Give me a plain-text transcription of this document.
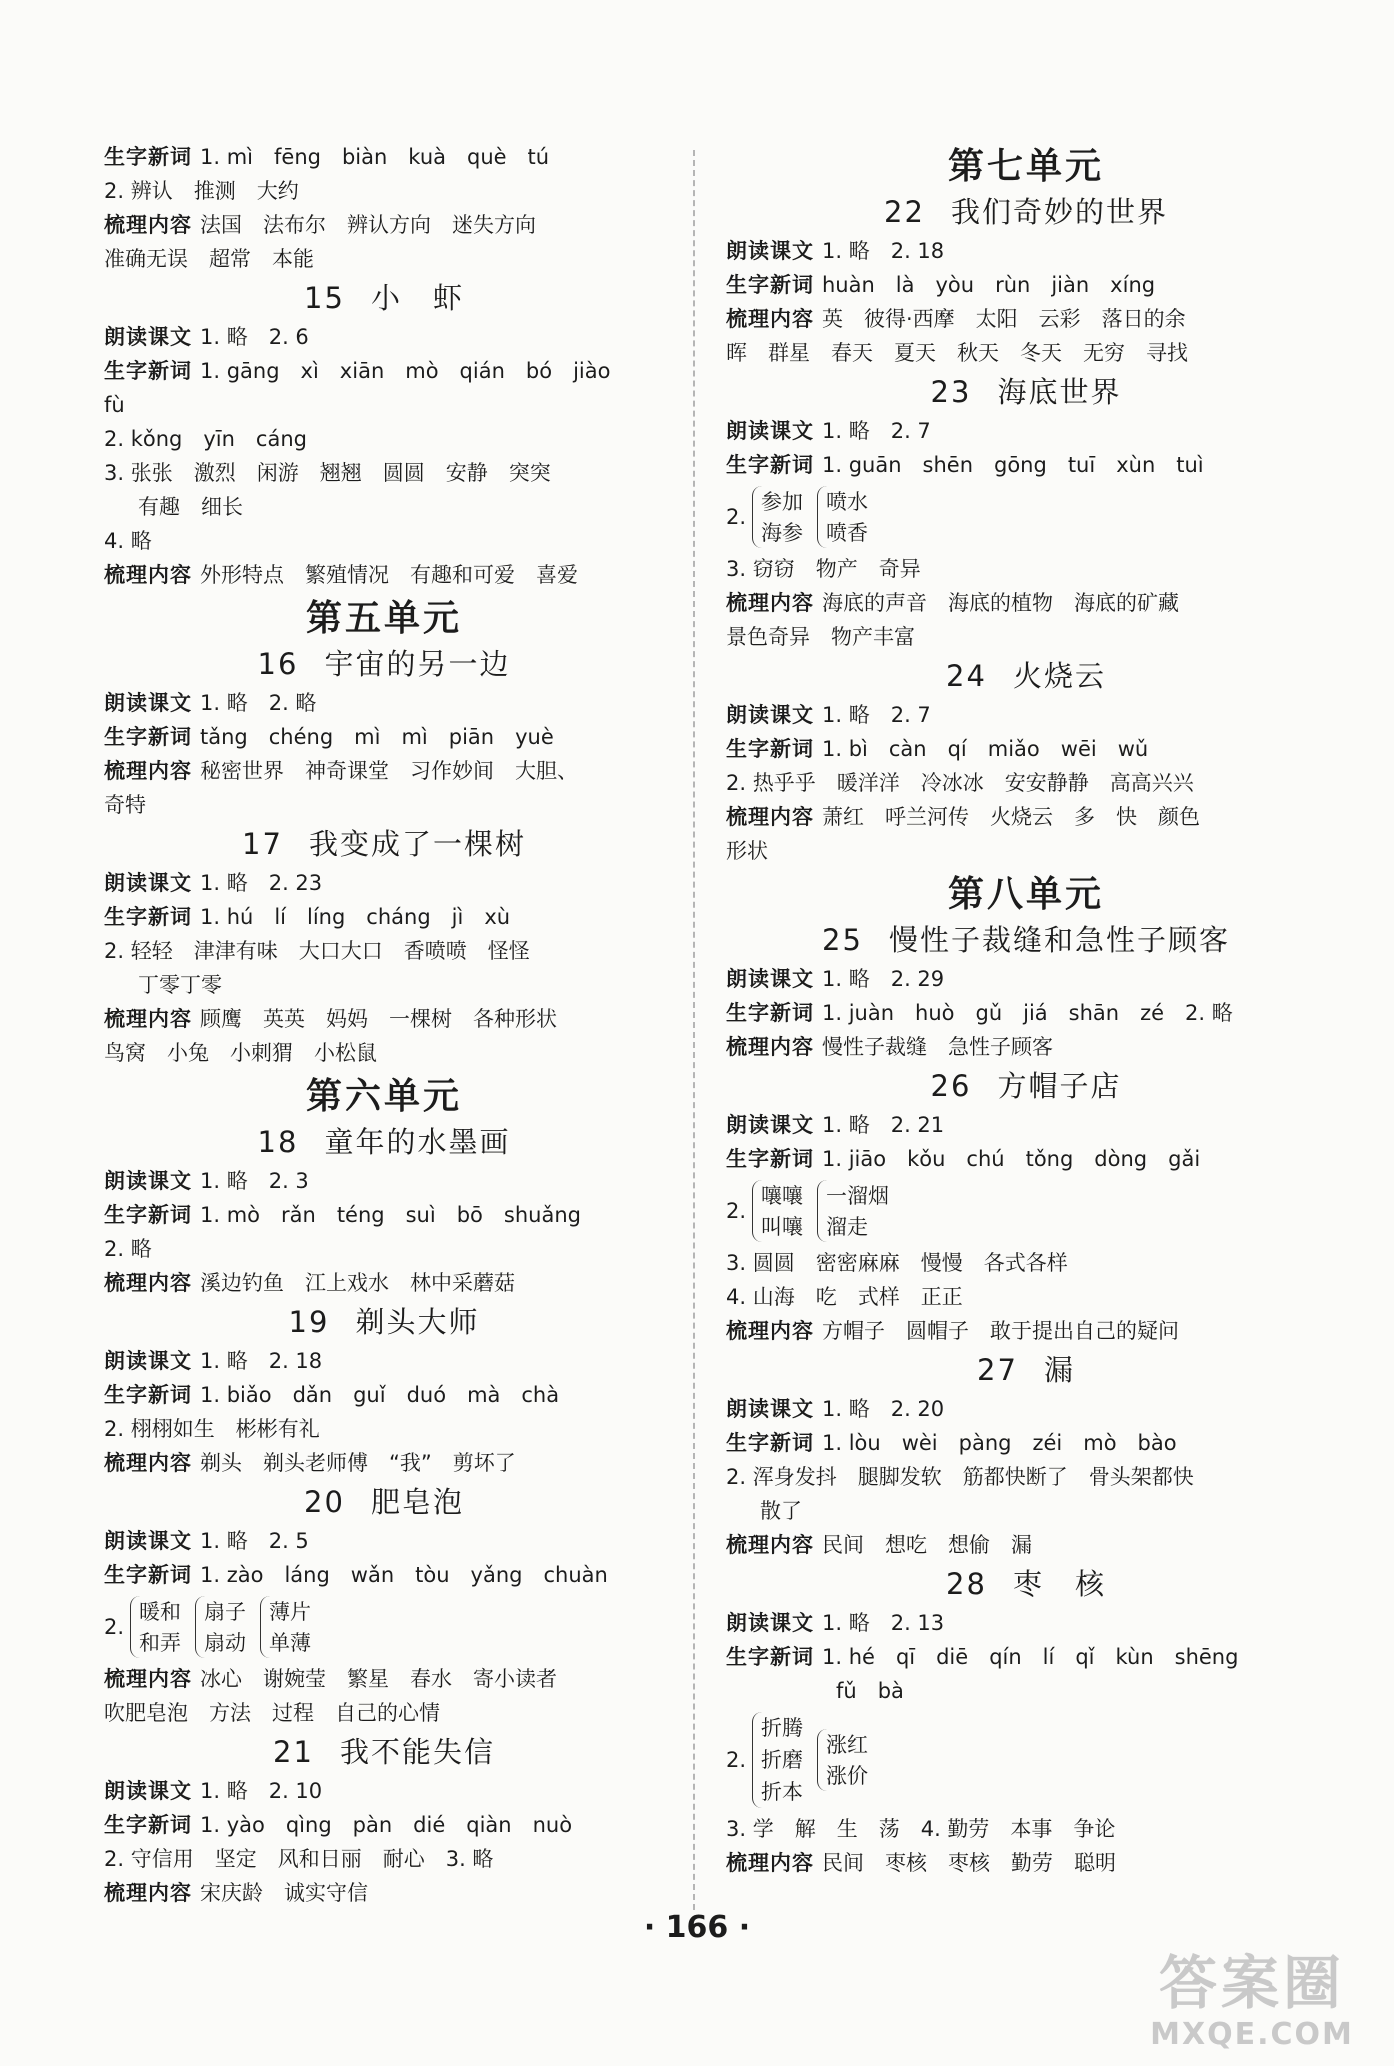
生字新词 1. mì　fēng　biàn　kuà　què　tú
2. 辨认　推测　大约
梳理内容 法国　法布尔　辨认方向　迷失方向
准确无误　超常　本能
15 小　虾
朗读课文 1. 略　2. 6
生字新词 1. gāng　xì　xiān　mò　qián　bó　jiào
fù
2. kǒng　yīn　cáng
3. 张张　激烈　闲游　翘翘　圆圆　安静　突突
有趣　细长
4. 略
梳理内容 外形特点　繁殖情况　有趣和可爱　喜爱
第五单元
16 宇宙的另一边
朗读课文 1. 略　2. 略
生字新词 tǎng　chéng　mì　mì　piān　yuè
梳理内容 秘密世界　神奇课堂　习作妙间　大胆、
奇特
17 我变成了一棵树
朗读课文 1. 略　2. 23
生字新词 1. hú　lí　líng　cháng　jì　xù
2. 轻轻　津津有味　大口大口　香喷喷　怪怪
丁零丁零
梳理内容 顾鹰　英英　妈妈　一棵树　各种形状
鸟窝　小兔　小刺猬　小松鼠
第六单元
18 童年的水墨画
朗读课文 1. 略　2. 3
生字新词 1. mò　rǎn　téng　suì　bō　shuǎng
2. 略
梳理内容 溪边钓鱼　江上戏水　林中采蘑菇
19 剃头大师
朗读课文 1. 略　2. 18
生字新词 1. biǎo　dǎn　guǐ　duó　mà　chà
2. 栩栩如生　彬彬有礼
梳理内容 剃头　剃头老师傅　“我”　剪坏了
20 肥皂泡
朗读课文 1. 略　2. 5
生字新词 1. zào　láng　wǎn　tòu　yǎng　chuàn
2.
暖和
和弄
扇子
扇动
薄片
单薄
梳理内容 冰心　谢婉莹　繁星　春水　寄小读者
吹肥皂泡　方法　过程　自己的心情
21 我不能失信
朗读课文 1. 略　2. 10
生字新词 1. yào　qìng　pàn　dié　qiàn　nuò
2. 守信用　坚定　风和日丽　耐心　3. 略
梳理内容 宋庆龄　诚实守信
第七单元
22 我们奇妙的世界
朗读课文 1. 略　2. 18
生字新词 huàn　là　yòu　rùn　jiàn　xíng
梳理内容 英　彼得·西摩　太阳　云彩　落日的余
晖　群星　春天　夏天　秋天　冬天　无穷　寻找
23 海底世界
朗读课文 1. 略　2. 7
生字新词 1. guān　shēn　gōng　tuī　xùn　tuì
2.
参加
海参
喷水
喷香
3. 窃窃　物产　奇异
梳理内容 海底的声音　海底的植物　海底的矿藏
景色奇异　物产丰富
24 火烧云
朗读课文 1. 略　2. 7
生字新词 1. bì　càn　qí　miǎo　wēi　wǔ
2. 热乎乎　暖洋洋　冷冰冰　安安静静　高高兴兴
梳理内容 萧红　呼兰河传　火烧云　多　快　颜色
形状
第八单元
25 慢性子裁缝和急性子顾客
朗读课文 1. 略　2. 29
生字新词 1. juàn　huò　gǔ　jiá　shān　zé　2. 略
梳理内容 慢性子裁缝　急性子顾客
26 方帽子店
朗读课文 1. 略　2. 21
生字新词 1. jiāo　kǒu　chú　tǒng　dòng　gǎi
2.
嚷嚷
叫嚷
一溜烟
溜走
3. 圆圆　密密麻麻　慢慢　各式各样
4. 山海　吃　式样　正正
梳理内容 方帽子　圆帽子　敢于提出自己的疑问
27 漏
朗读课文 1. 略　2. 20
生字新词 1. lòu　wèi　pàng　zéi　mò　bào
2. 浑身发抖　腿脚发软　筋都快断了　骨头架都快
散了
梳理内容 民间　想吃　想偷　漏
28 枣　核
朗读课文 1. 略　2. 13
生字新词 1. hé　qī　diē　qín　lí　qǐ　kùn　shēng
fǔ　bà
2.
折腾
折磨
折本
涨红
涨价
3. 学　解　生　荡　4. 勤劳　本事　争论
梳理内容 民间　枣核　枣核　勤劳　聪明
· 166 ·
答案圈
MXQE.COM
